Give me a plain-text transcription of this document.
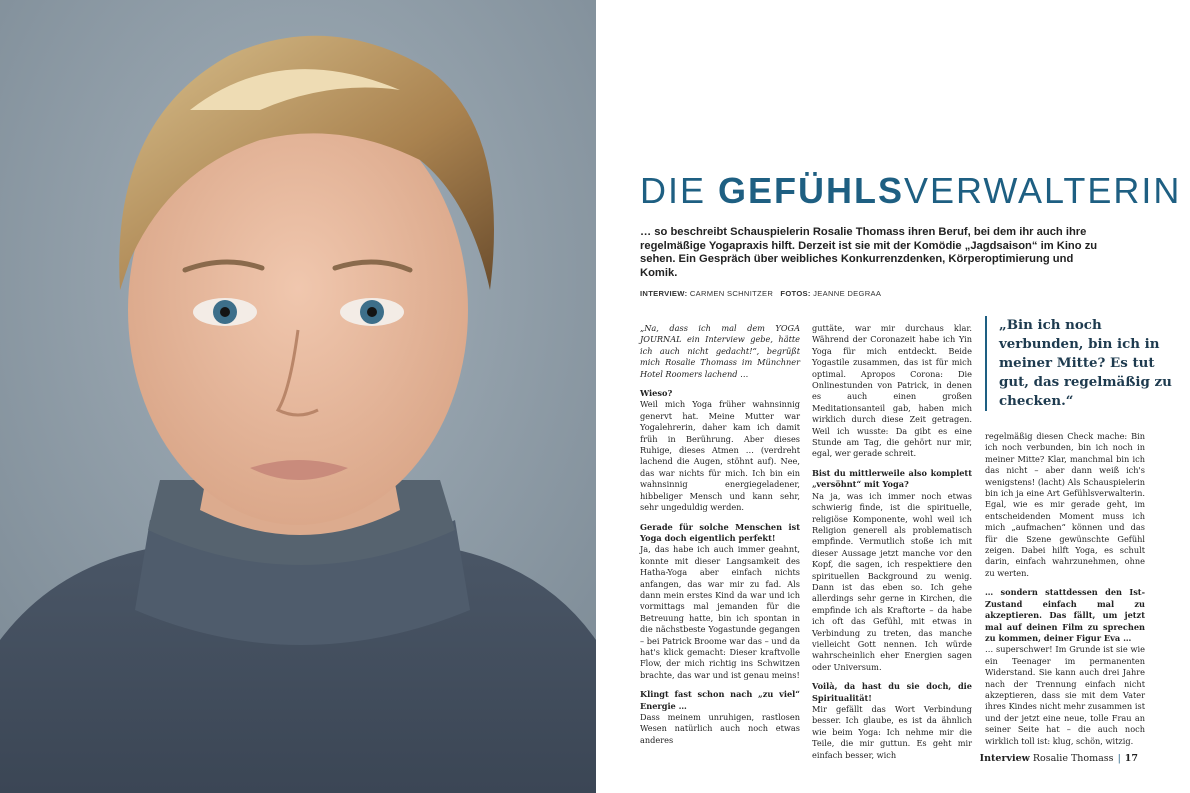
DIE GEFÜHLSVERWALTERIN
… so beschreibt Schauspielerin Rosalie Thomass ihren Beruf, bei dem ihr auch ihre regelmäßige Yogapraxis hilft. Derzeit ist sie mit der Komödie „Jagdsaison“ im Kino zu sehen. Ein Gespräch über weibliches Konkurrenzdenken, Körperoptimierung und Komik.
INTERVIEW: CARMEN SCHNITZER FOTOS: JEANNE DEGRAA

„Na, dass ich mal dem YOGA JOURNAL ein Interview gebe, hätte ich auch nicht gedacht!“, begrüßt mich Rosalie Thomass im Münchner Hotel Roomers lachend …

Wieso?
Weil mich Yoga früher wahnsinnig genervt hat. Meine Mutter war Yogalehrerin, daher kam ich damit früh in Berührung. Aber dieses Ruhige, dieses Atmen … (verdreht lachend die Augen, stöhnt auf). Nee, das war nichts für mich. Ich bin ein wahnsinnig energiegeladener, hibbeliger Mensch und kann sehr, sehr ungeduldig werden.

Gerade für solche Menschen ist Yoga doch eigentlich perfekt!
Ja, das habe ich auch immer geahnt, konnte mit dieser Langsamkeit des Hatha-Yoga aber einfach nichts anfangen, das war mir zu fad. Als dann mein erstes Kind da war und ich vormittags mal jemanden für die Betreuung hatte, bin ich spontan in die nächstbeste Yogastunde gegangen – bei Patrick Broome war das – und da hat's klick gemacht: Dieser kraftvolle Flow, der mich richtig ins Schwitzen brachte, das war und ist genau meins!

Klingt fast schon nach „zu viel“ Energie …
Dass meinem unruhigen, rastlosen Wesen natürlich auch noch etwas anderes

guttäte, war mir durchaus klar. Während der Coronazeit habe ich Yin Yoga für mich entdeckt. Beide Yogastile zusammen, das ist für mich optimal. Apropos Corona: Die Onlinestunden von Patrick, in denen es auch einen großen Meditationsanteil gab, haben mich wirklich durch diese Zeit getragen. Weil ich wusste: Da gibt es eine Stunde am Tag, die gehört nur mir, egal, wer gerade schreit.

Bist du mittlerweile also komplett „versöhnt“ mit Yoga?
Na ja, was ich immer noch etwas schwierig finde, ist die spirituelle, religiöse Komponente, wohl weil ich Religion generell als problematisch empfinde. Vermutlich stoße ich mit dieser Aussage jetzt manche vor den Kopf, die sagen, ich respektiere den spirituellen Background zu wenig. Dann ist das eben so. Ich gehe allerdings sehr gerne in Kirchen, die empfinde ich als Kraftorte – da habe ich oft das Gefühl, mit etwas in Verbindung zu treten, das manche vielleicht Gott nennen. Ich würde wahrscheinlich eher Energien sagen oder Universum.

Voilà, da hast du sie doch, die Spiritualität!
Mir gefällt das Wort Verbindung besser. Ich glaube, es ist da ähnlich wie beim Yoga: Ich nehme mir die Teile, die mir guttun. Es geht mir einfach besser, wich

„Bin ich noch verbunden, bin ich in meiner Mitte? Es tut gut, das regelmäßig zu checken.“

regelmäßig diesen Check mache: Bin ich noch verbunden, bin ich noch in meiner Mitte? Klar, manchmal bin ich das nicht – aber dann weiß ich's wenigstens! (lacht) Als Schauspielerin bin ich ja eine Art Gefühlsverwalterin. Egal, wie es mir gerade geht, im entscheidenden Moment muss ich mich „aufmachen“ können und das für die Szene gewünschte Gefühl zeigen. Dabei hilft Yoga, es schult darin, einfach wahrzunehmen, ohne zu werten.

… sondern stattdessen den Ist-Zustand einfach mal zu akzeptieren. Das fällt, um jetzt mal auf deinen Film zu sprechen zu kommen, deiner Figur Eva …
… superschwer! Im Grunde ist sie wie ein Teenager im permanenten Widerstand. Sie kann auch drei Jahre nach der Trennung einfach nicht akzeptieren, dass sie mit dem Vater ihres Kindes nicht mehr zusammen ist und der jetzt eine neue, tolle Frau an seiner Seite hat – die auch noch wirklich toll ist: klug, schön, witzig.

Interview Rosalie Thomass | 17
